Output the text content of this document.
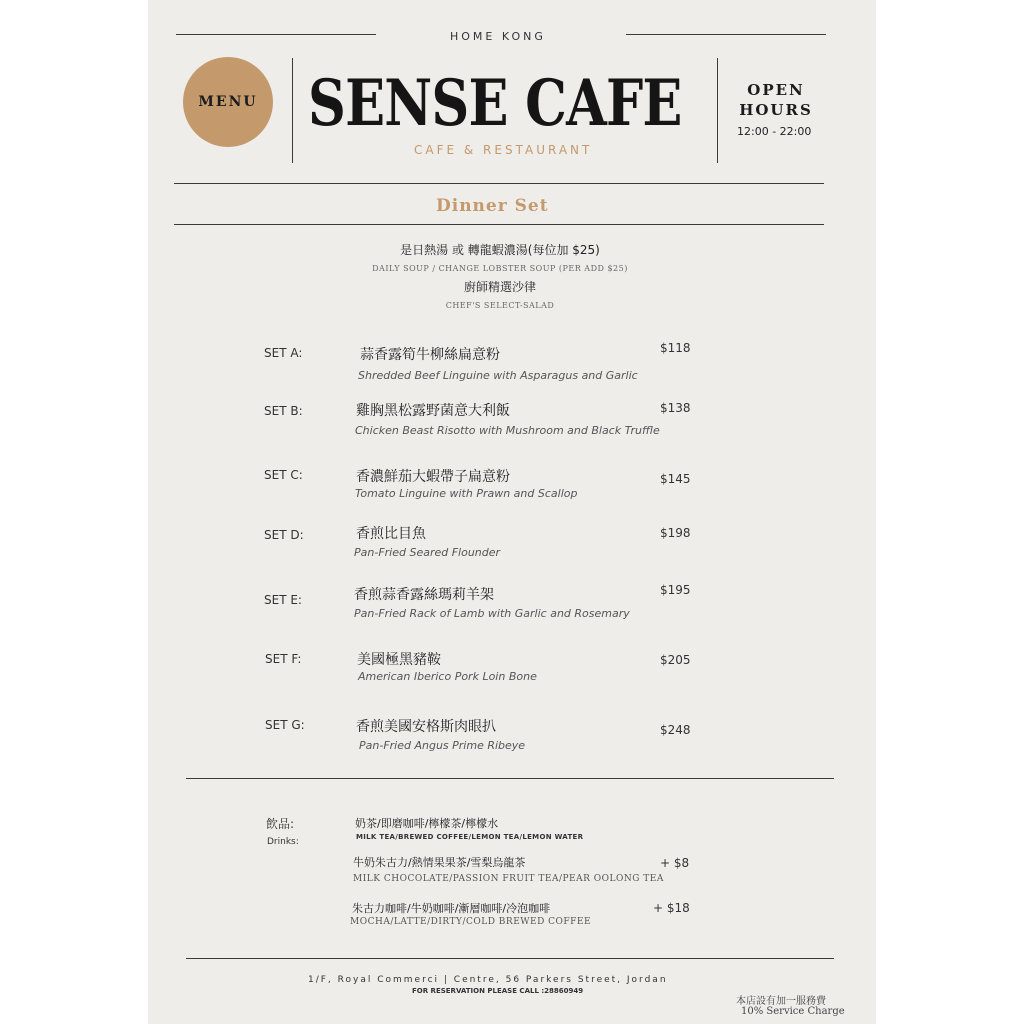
HOME KONG
MENU SENSE CAFE
CAFE & RESTAURANT
OPEN
HOURS
12:00 - 22:00
Dinner Set
是日熱湯 或 轉龍蝦濃湯(每位加 $25)
DAILY SOUP / CHANGE LOBSTER SOUP (PER ADD $25)
廚師精選沙律
CHEF'S SELECT-SALAD
SET A:	蒜香露筍牛柳絲扁意粉
Shredded Beef Linguine with Asparagus and Garlic
$118
SET B:	雞胸黑松露野菌意大利飯
Chicken Beast Risotto with Mushroom and Black Truffle
$138
SET C:	香濃鮮茄大蝦帶子扁意粉
Tomato Linguine with Prawn and Scallop
$145
SET D:	香煎比目魚
Pan-Fried Seared Flounder
$198
SET E:	香煎蒜香露絲瑪莉羊架
Pan-Fried Rack of Lamb with Garlic and Rosemary
$195
SET F:	美國極黑豬鞍
American Iberico Pork Loin Bone
$205
SET G:	香煎美國安格斯肉眼扒
Pan-Fried Angus Prime Ribeye
$248
飲品:
Drinks:
奶茶/即磨咖啡/檸檬茶/檸檬水
MILK TEA/BREWED COFFEE/LEMON TEA/LEMON WATER
牛奶朱古力/熱情果果茶/雪梨烏龍茶
MILK CHOCOLATE/PASSION FRUIT TEA/PEAR OOLONG TEA
+ $8
朱古力咖啡/牛奶咖啡/漸層咖啡/冷泡咖啡
MOCHA/LATTE/DIRTY/COLD BREWED COFFEE
+ $18
1/F, Royal Commerci | Centre, 56 Parkers Street, Jordan
FOR RESERVATION PLEASE CALL :28860949
本店設有加一服務費
10% Service Charge
